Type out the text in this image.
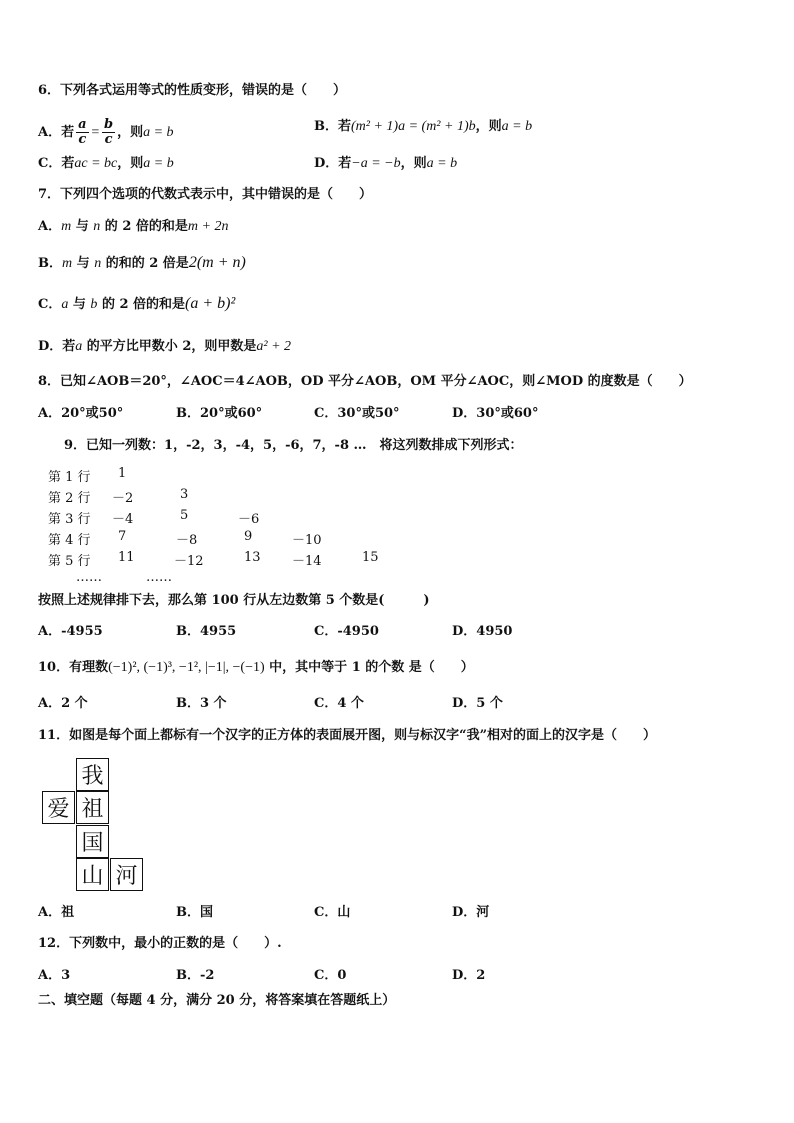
6．下列各式运用等式的性质变形，错误的是（　　）
A．若 $\frac{a}{c} = \frac{b}{c}$ ，则a = b	B．若(m² + 1)a = (m² + 1)b，则a = b
C．若ac = bc，则a = b	D．若−a = −b，则a = b
7．下列四个选项的代数式表示中，其中错误的是（　　）
A．m 与 n 的 2 倍的和是m + 2n
B．m 与 n 的和的 2 倍是2(m + n)
C．a 与 b 的 2 倍的和是(a + b)²
D．若a 的平方比甲数小 2，则甲数是a² + 2
8．已知∠AOB＝20°，∠AOC＝4∠AOB，OD 平分∠AOB，OM 平分∠AOC，则∠MOD 的度数是（　　）
A．20°或50°	B．20°或60°	C．30°或50°	D．30°或60°
9．已知一列数：1，-2，3，-4，5，-6，7，-8 …　将这列数排成下列形式：
第 1 行 1
第 2 行 －2	3
第 3 行 －4	5	－6
第 4 行 7	－8	9	－10
第 5 行 11	－12	13 －14	15
……	……
按照上述规律排下去，那么第 100 行从左边数第 5 个数是(　　　)
A．-4955	B．4955	C．-4950	D．4950
10．有理数(−1)², (−1)³, −1², |−1|, −(−1) 中，其中等于 1 的个数 是（　　）
A．2 个	B．3 个	C．4 个	D．5 个
11．如图是每个面上都标有一个汉字的正方体的表面展开图，则与标汉字“我”相对的面上的汉字是（　　）
我
爱 祖
国
山 河
A．祖	B．国	C．山	D．河
12．下列数中，最小的正数的是（　　）.
A．3	B．-2	C．0	D．2
二、填空题（每题 4 分，满分 20 分，将答案填在答题纸上）
